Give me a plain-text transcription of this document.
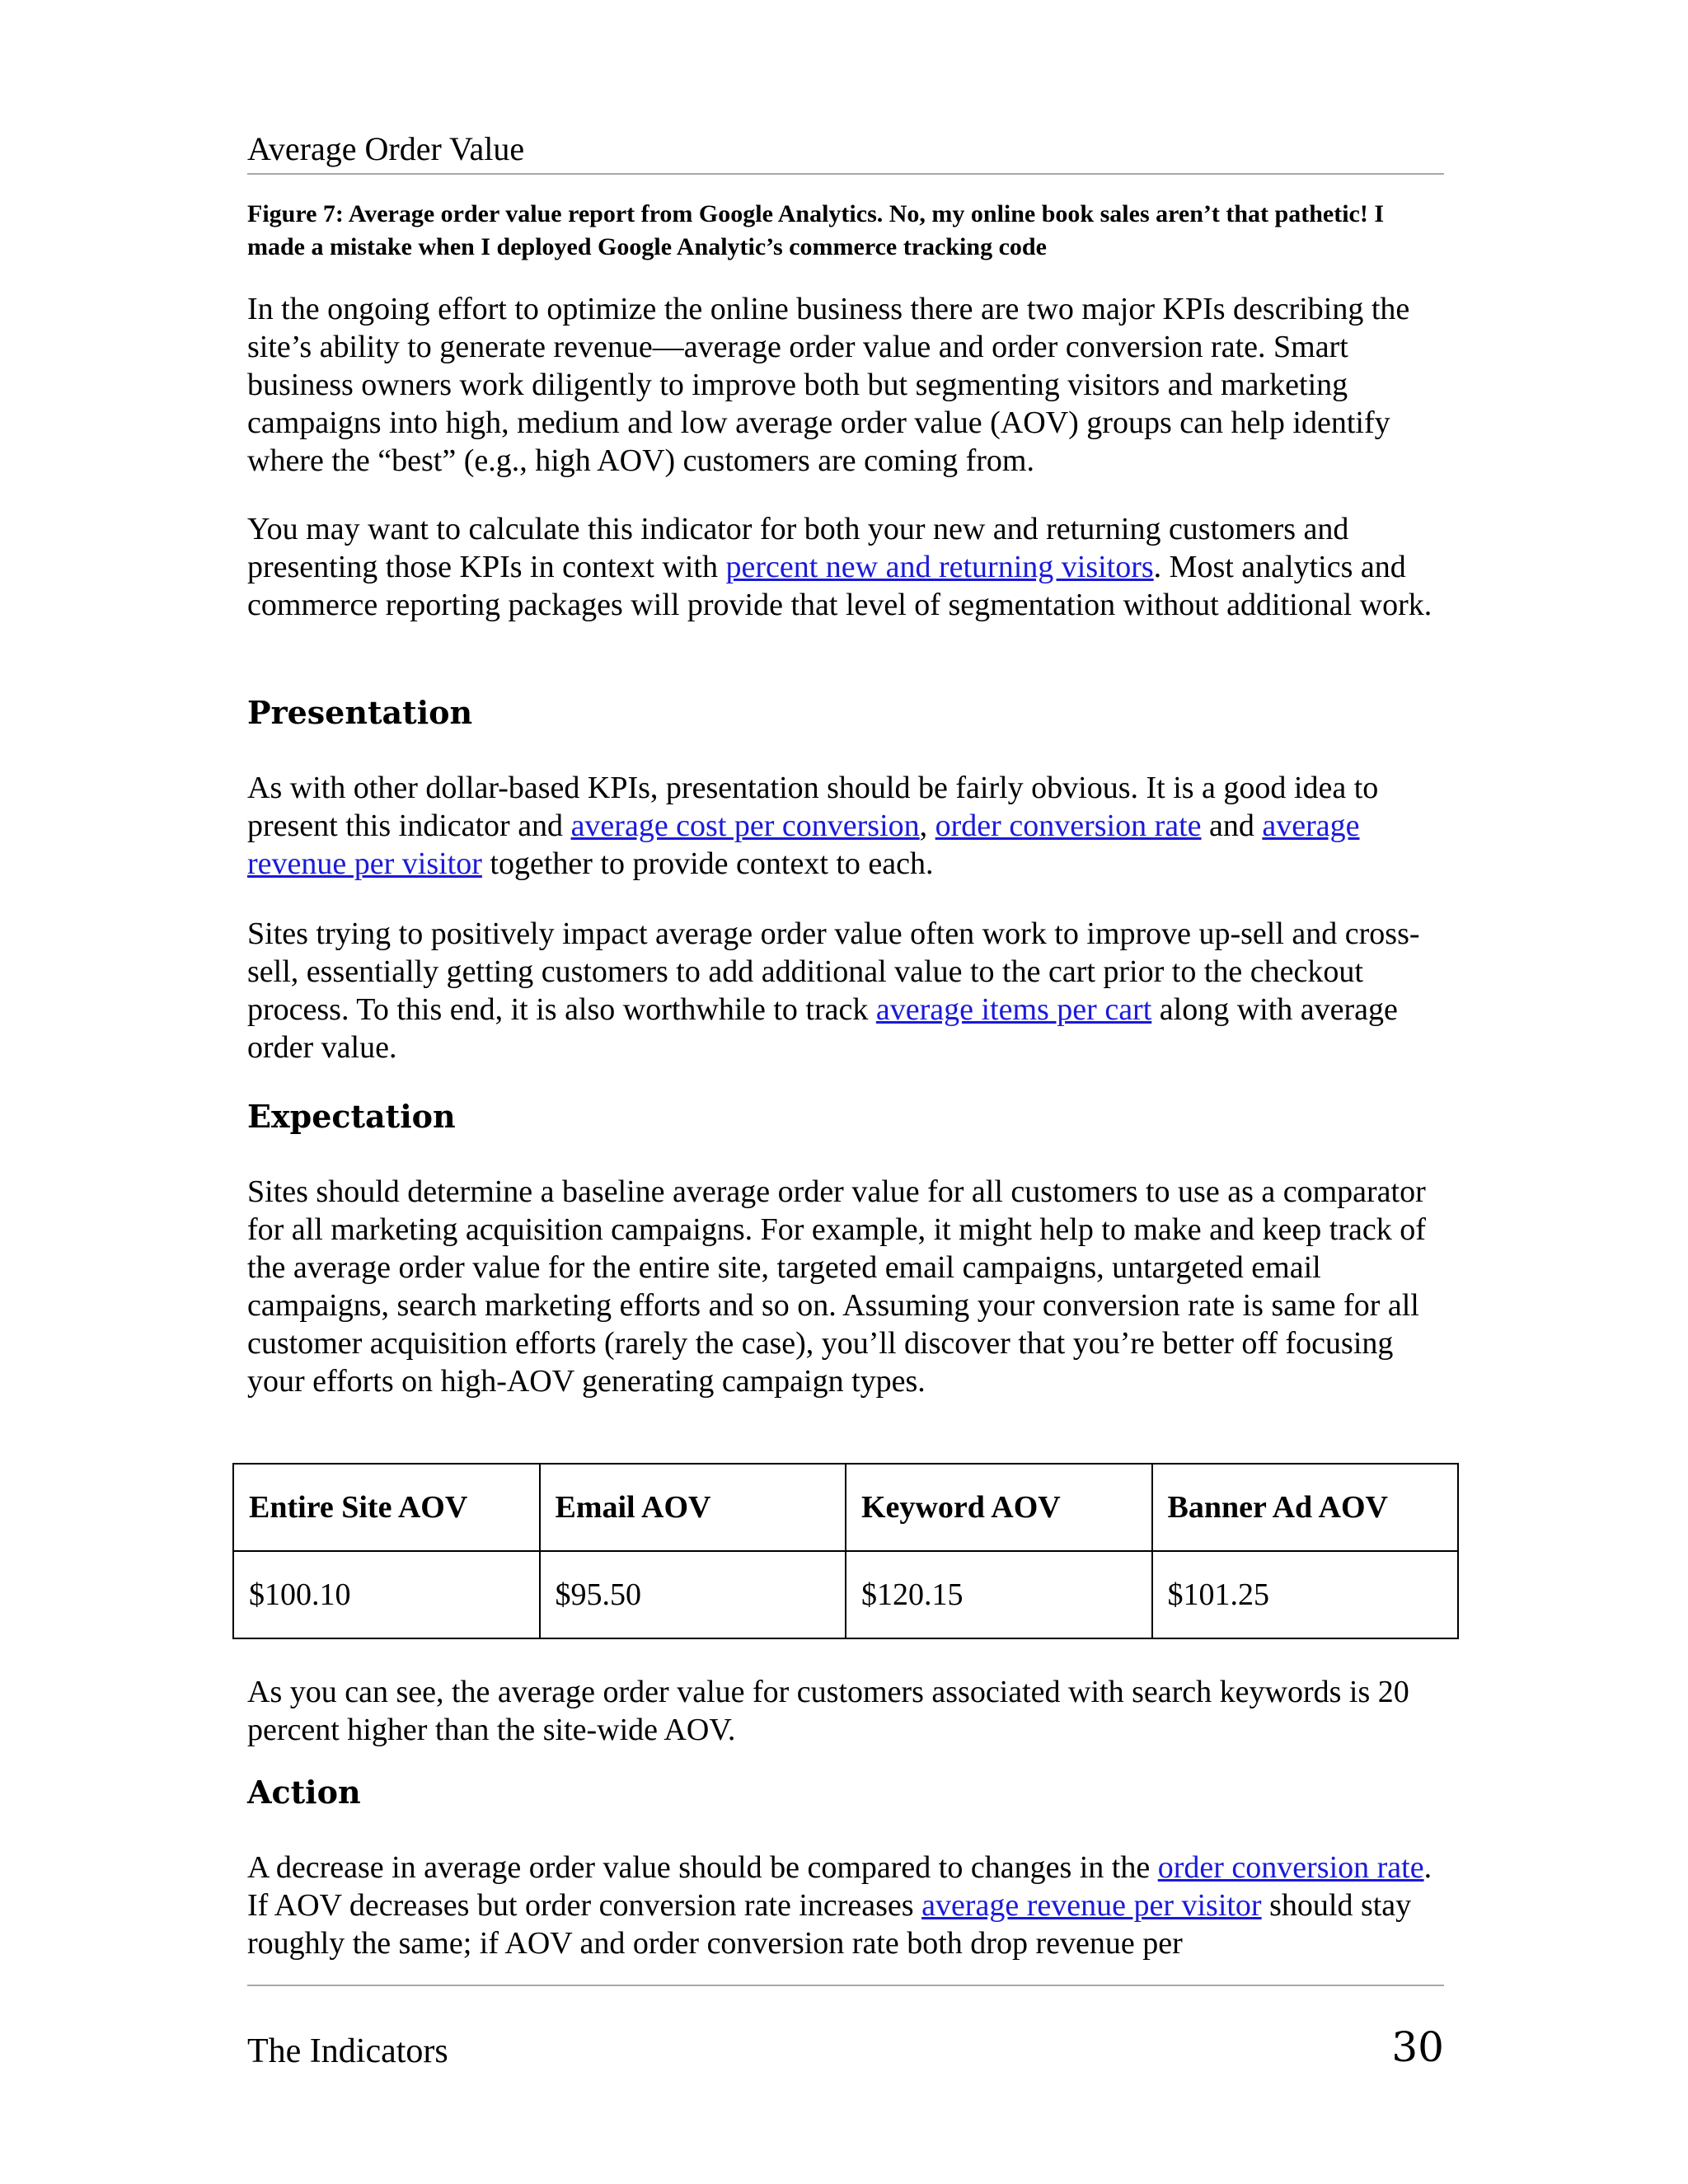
Average Order Value
Figure 7: Average order value report from Google Analytics. No, my online book sales aren’t that pathetic! I made a mistake when I deployed Google Analytic’s commerce tracking code

In the ongoing effort to optimize the online business there are two major KPIs describing the site’s ability to generate revenue—average order value and order conversion rate. Smart business owners work diligently to improve both but segmenting visitors and marketing campaigns into high, medium and low average order value (AOV) groups can help identify where the “best” (e.g., high AOV) customers are coming from.

You may want to calculate this indicator for both your new and returning customers and presenting those KPIs in context with percent new and returning visitors. Most analytics and commerce reporting packages will provide that level of segmentation without additional work.

Presentation

As with other dollar-based KPIs, presentation should be fairly obvious. It is a good idea to present this indicator and average cost per conversion, order conversion rate and average revenue per visitor together to provide context to each.

Sites trying to positively impact average order value often work to improve up-sell and cross-sell, essentially getting customers to add additional value to the cart prior to the checkout process. To this end, it is also worthwhile to track average items per cart along with average order value.

Expectation

Sites should determine a baseline average order value for all customers to use as a comparator for all marketing acquisition campaigns. For example, it might help to make and keep track of the average order value for the entire site, targeted email campaigns, untargeted email campaigns, search marketing efforts and so on. Assuming your conversion rate is same for all customer acquisition efforts (rarely the case), you’ll discover that you’re better off focusing your efforts on high-AOV generating campaign types.

Entire Site AOV	Email AOV	Keyword AOV	Banner Ad AOV
$100.10	$95.50	$120.15	$101.25

As you can see, the average order value for customers associated with search keywords is 20 percent higher than the site-wide AOV.

Action

A decrease in average order value should be compared to changes in the order conversion rate. If AOV decreases but order conversion rate increases average revenue per visitor should stay roughly the same; if AOV and order conversion rate both drop revenue per

The Indicators	30
